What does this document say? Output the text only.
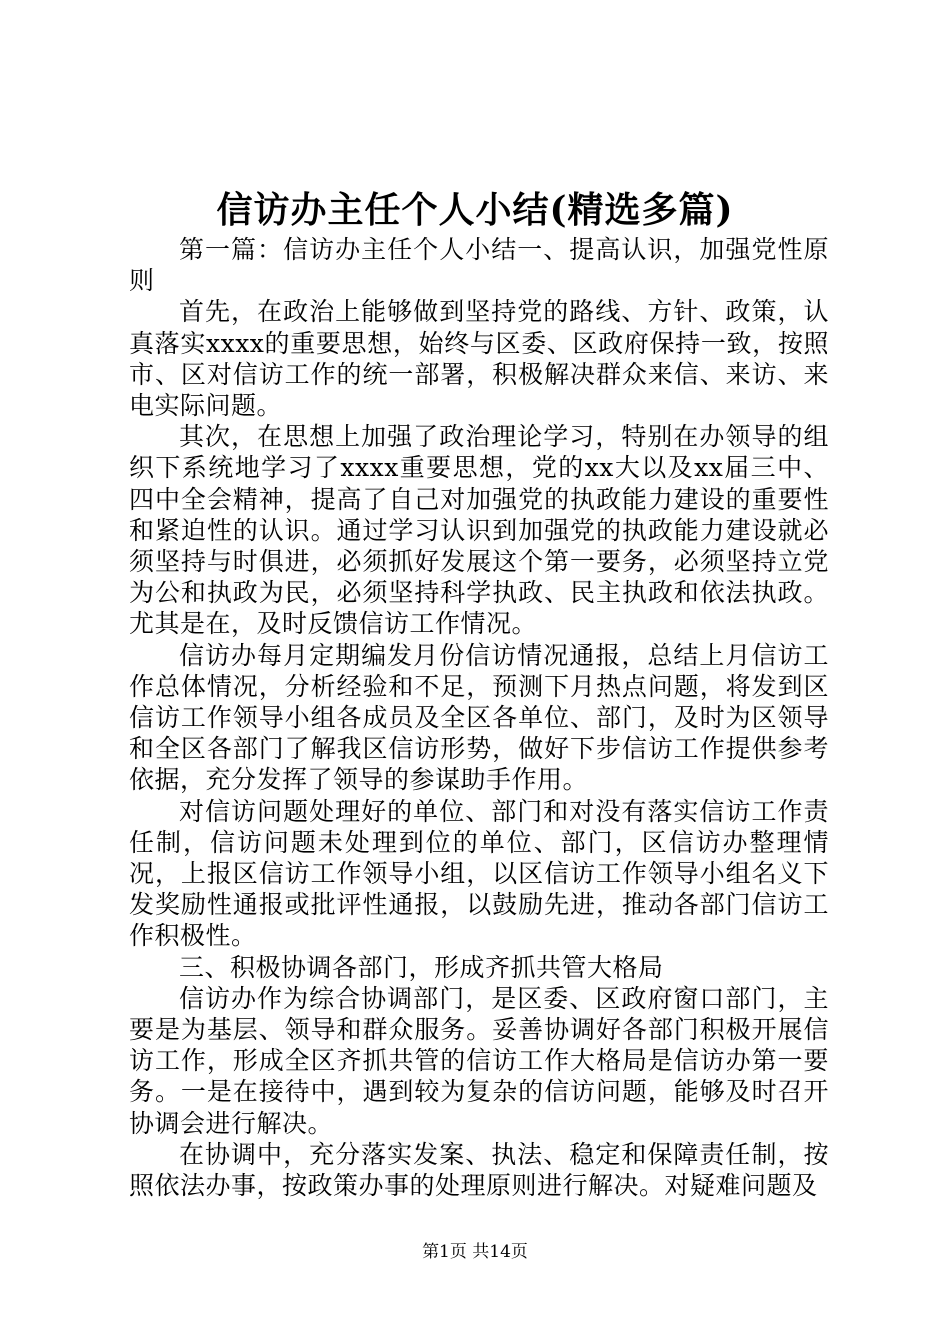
信访办主任个人小结(精选多篇)

第一篇：信访办主任个人小结一、提高认识，加强党性原则

首先，在政治上能够做到坚持党的路线、方针、政策，认真落实xxxx的重要思想，始终与区委、区政府保持一致，按照市、区对信访工作的统一部署，积极解决群众来信、来访、来电实际问题。

其次，在思想上加强了政治理论学习，特别在办领导的组织下系统地学习了xxxx重要思想，党的xx大以及xx届三中、四中全会精神，提高了自己对加强党的执政能力建设的重要性和紧迫性的认识。通过学习认识到加强党的执政能力建设就必须坚持与时俱进，必须抓好发展这个第一要务，必须坚持立党为公和执政为民，必须坚持科学执政、民主执政和依法执政。尤其是在，及时反馈信访工作情况。

信访办每月定期编发月份信访情况通报，总结上月信访工作总体情况，分析经验和不足，预测下月热点问题，将发到区信访工作领导小组各成员及全区各单位、部门，及时为区领导和全区各部门了解我区信访形势，做好下步信访工作提供参考依据，充分发挥了领导的参谋助手作用。

对信访问题处理好的单位、部门和对没有落实信访工作责任制，信访问题未处理到位的单位、部门，区信访办整理情况，上报区信访工作领导小组，以区信访工作领导小组名义下发奖励性通报或批评性通报，以鼓励先进，推动各部门信访工作积极性。

三、积极协调各部门，形成齐抓共管大格局

信访办作为综合协调部门，是区委、区政府窗口部门，主要是为基层、领导和群众服务。妥善协调好各部门积极开展信访工作，形成全区齐抓共管的信访工作大格局是信访办第一要务。一是在接待中，遇到较为复杂的信访问题，能够及时召开协调会进行解决。

在协调中，充分落实发案、执法、稳定和保障责任制，按照依法办事，按政策办事的处理原则进行解决。对疑难问题及

第1页 共14页
